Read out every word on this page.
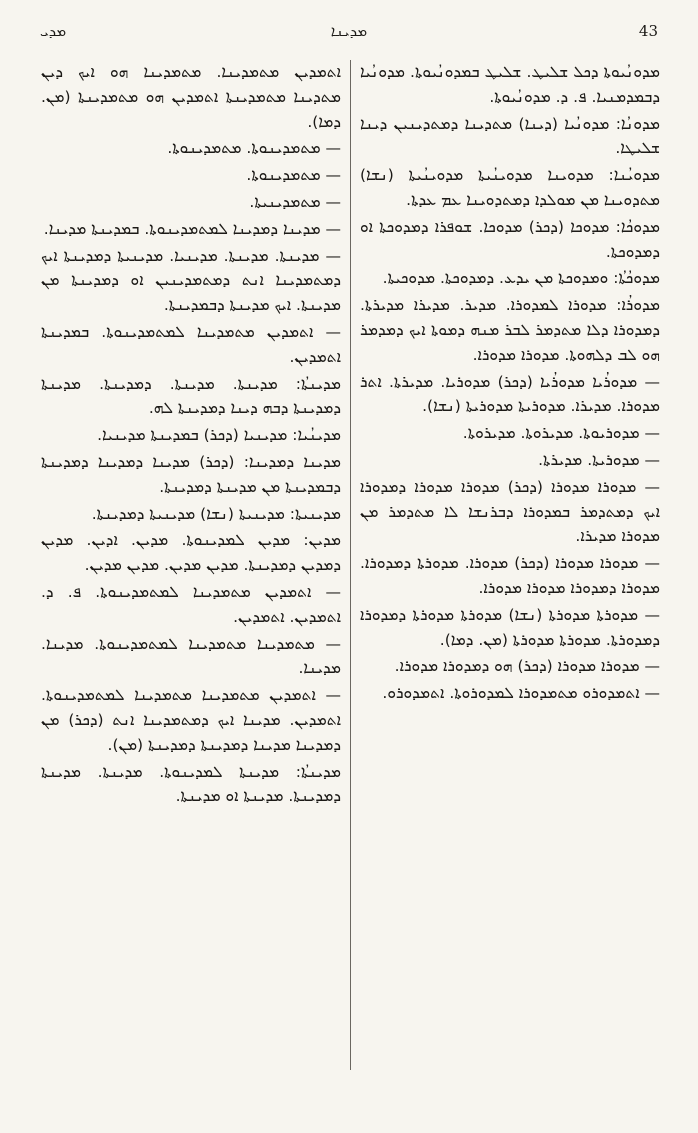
ܡܕܝ	ܡܕܝܢܐ	43

ܡܕܘܢܳܝܘܬܐ ܕܟܠ ܫܠܝܛ. ܫܠܝܛ ܒܡܕܘܢܳܝܘܬܐ. ܡܕܘܢܳܝܐ ܕܒܡܕܡܢܝܐ. ܦ. ܕ. ܡܕܘܢܳܝܘܬܐ.

ܡܕܘܢܳܐ: ܡܕܘܢܳܝܐ (ܕܝܢܐ) ܡܬܕܝܢܐ ܕܡܬܕܝܢܝܢ ܕܝܢܐ ܫܠܝܛܐ.

ܡܕܘܝܳܢܐ: ܡܕܘܝܢܐ ܡܕܘܝܢܳܝܬܐ ܡܕܘܝܢܳܝܬܐ (ܢܫܐ) ܡܬܕܘܝܢܐ ܡܢ ܡܘܠܕܐ ܕܡܬܕܘܝܢܐ ܥܡ ܥܕܬܐ.

ܡܕܘܟܳܐ: ܡܕܘܟܐ (ܕܟܪ) ܡܕܘܟܐ. ܫܘܦܪܐ ܕܡܕܘܟܬܐ ܐܘ ܕܡܕܘܟܬܐ.

ܡܕܘܟܳܬܳܐ: ܘܡܕܘܟܬܐ ܡܢ ܝܕܥ. ܕܡܕܘܟܬܐ. ܡܕܘܟܝܬܐ.

ܡܕܘܪܳܐ: ܡܕܘܪܐ ܠܡܕܘܪܐ. ܡܕܝܪ. ܡܕܝܪܐ ܡܕܝܪܬܐ. ܕܡܕܘܪܐ ܕܠܐ ܡܬܕܡܪ ܠܒܪ ܡܢܗ ܕܡܘܬܐ ܐܝܟ ܕܡܕܡܪ ܗܘ ܠܒ ܕܠܗܘܬܐ. ܡܕܘܪܐ ܡܕܘܪܐ.

— ܡܕܘܪܳܝܐ ܡܕܘܪܳܝܐ (ܕܟܪ) ܡܕܘܪܝܐ. ܡܕܝܪܬܐ. ܐܬܪ ܡܕܘܪܐ. ܡܕܝܪܐ. ܡܕܘܪܝܬܐ ܡܕܘܪܝܬܐ (ܢܫܐ).

— ܡܕܘܪܝܘܬܐ. ܡܕܝܪܘܬܐ. ܡܕܝܪܘܬܐ.

— ܡܕܘܪܝܬܐ. ܡܕܝܪܬܐ.

— ܡܕܘܪܐ ܡܕܘܪܐ (ܕܟܪ) ܡܕܘܪܐ ܡܕܘܪܐ ܕܡܕܘܪܐ ܐܝܟ ܕܡܬܕܡܪ ܒܡܕܘܪܐ ܕܒܪܢܫܐ ܠܐ ܡܬܕܡܪ ܡܢ ܡܕܘܪܐ ܡܕܝܪܐ.

— ܡܕܘܪܐ ܡܕܘܪܐ (ܕܟܪ) ܡܕܘܪܐ. ܡܕܘܪܬܐ ܕܡܕܘܪܐ. ܡܕܘܪܐ ܕܡܕܘܪܐ ܡܕܘܪܐ ܡܕܘܪܐ.

— ܡܕܘܪܬܐ ܡܕܘܪܬܐ (ܢܫܐ) ܡܕܘܪܬܐ ܡܕܘܪܬܐ ܕܡܕܘܪܐ ܕܡܕܘܪܬܐ. ܡܕܘܪܬܐ ܡܕܘܪܬܐ (ܡܢ. ܕܡܐ).

— ܡܕܘܪܐ ܡܕܘܪܐ (ܕܟܪ) ܗܘ ܕܡܕܘܪܐ ܡܕܘܪܐ.

— ܐܬܡܕܘܪܘ ܡܬܡܕܘܪܐ ܠܡܕܘܪܘܬܐ. ܐܬܡܕܘܪܘ.

ܐܬܡܕܝܢ ܡܬܡܕܝܢܐ. ܡܬܡܕܝܢܐ ܗܘ ܐܝܟ ܕܝܢ ܡܬܕܝܢܐ ܡܬܡܕܝܢܬܐ ܐܬܡܕܝܢ ܗܘ ܡܬܡܕܝܢܬܐ (ܡܢ. ܕܡܐ).

— ܡܬܡܕܝܢܘܬܐ. ܡܬܡܕܝܢܘܬܐ.

— ܡܬܡܕܝܢܘܬܐ.

— ܡܬܡܕܝܢܝܬܐ.

— ܡܕܝܢܐ ܕܡܕܝܢܐ ܠܡܬܡܕܝܢܘܬܐ. ܒܡܕܝܢܬܐ ܡܕܝܢܐ.

— ܡܕܝܢܬܐ. ܡܕܝܢܬܐ. ܡܕܝܢܝܐ. ܡܕܝܢܝܬܐ ܕܡܕܝܢܬܐ ܐܝܟ ܕܡܬܡܕܝܢܐ ܐܢܬ ܕܡܬܡܕܝܢܝܢ ܐܘ ܕܡܕܝܢܬܐ ܡܢ ܡܕܝܢܬܐ. ܐܝܟ ܡܕܝܢܬܐ ܕܒܡܕܝܢܬܐ.

— ܐܬܡܕܝܢ ܡܬܡܕܝܢܐ ܠܡܬܡܕܝܢܘܬܐ. ܒܡܕܝܢܬܐ ܐܬܡܕܝܢ.

ܡܕܝܢܬܳܐ: ܡܕܝܢܬܐ. ܡܕܝܢܬܐ. ܕܡܕܝܢܬܐ. ܡܕܝܢܬܐ ܕܡܕܝܢܬܐ ܕܒܗ ܕܝܢܐ ܕܡܕܝܢܬܐ ܠܗ.

ܡܕܝܢܳܝܐ: ܡܕܝܢܝܐ (ܕܟܪ) ܒܡܕܝܢܬܐ ܡܕܝܢܝܐ.

ܡܕܝܢܐ ܕܡܕܝܢܐ: (ܕܟܪ) ܡܕܝܢܐ ܕܡܕܝܢܐ ܕܡܕܝܢܬܐ ܕܒܡܕܝܢܬܐ ܡܢ ܡܕܝܢܬܐ ܕܡܕܝܢܬܐ.

ܡܕܝܢܝܬܐ: ܡܕܝܢܝܬܐ (ܢܫܐ) ܡܕܝܢܝܬܐ ܕܡܕܝܢܬܐ.

ܡܕܝܢ: ܡܕܝܢ ܠܡܕܝܢܘܬܐ. ܡܕܝܢ. ܐܕܝܢ. ܡܕܝܢ ܕܡܕܝܢ ܕܡܕܝܢܬܐ. ܡܕܝܢ ܡܕܝܢ. ܡܕܝܢ ܡܕܝܢ.

— ܐܬܡܕܝܢ ܡܬܡܕܝܢܐ ܠܡܬܡܕܝܢܘܬܐ. ܦ. ܕ. ܐܬܡܕܝܢ. ܐܬܡܕܝܢ.

— ܡܬܡܕܝܢܐ ܡܬܡܕܝܢܐ ܠܡܬܡܕܝܢܘܬܐ. ܡܕܝܢܐ. ܡܕܝܢܐ.

— ܐܬܡܕܝܢ ܡܬܡܕܝܢܐ ܡܬܡܕܝܢܐ ܠܡܬܡܕܝܢܘܬܐ. ܐܬܡܕܝܢ. ܡܕܝܢܐ ܐܝܟ ܕܡܬܡܕܝܢܐ ܐܢܬ (ܕܟܪ) ܡܢ ܕܡܕܝܢܐ ܡܕܝܢܐ ܕܡܕܝܢܬܐ ܕܡܕܝܢܬܐ (ܡܢ).

ܡܕܝܢܬܳܐ: ܡܕܝܢܬܐ ܠܡܕܝܢܘܬܐ. ܡܕܝܢܬܐ. ܡܕܝܢܬܐ ܕܡܕܝܢܬܐ. ܡܕܝܢܬܐ ܐܘ ܡܕܝܢܬܐ.
